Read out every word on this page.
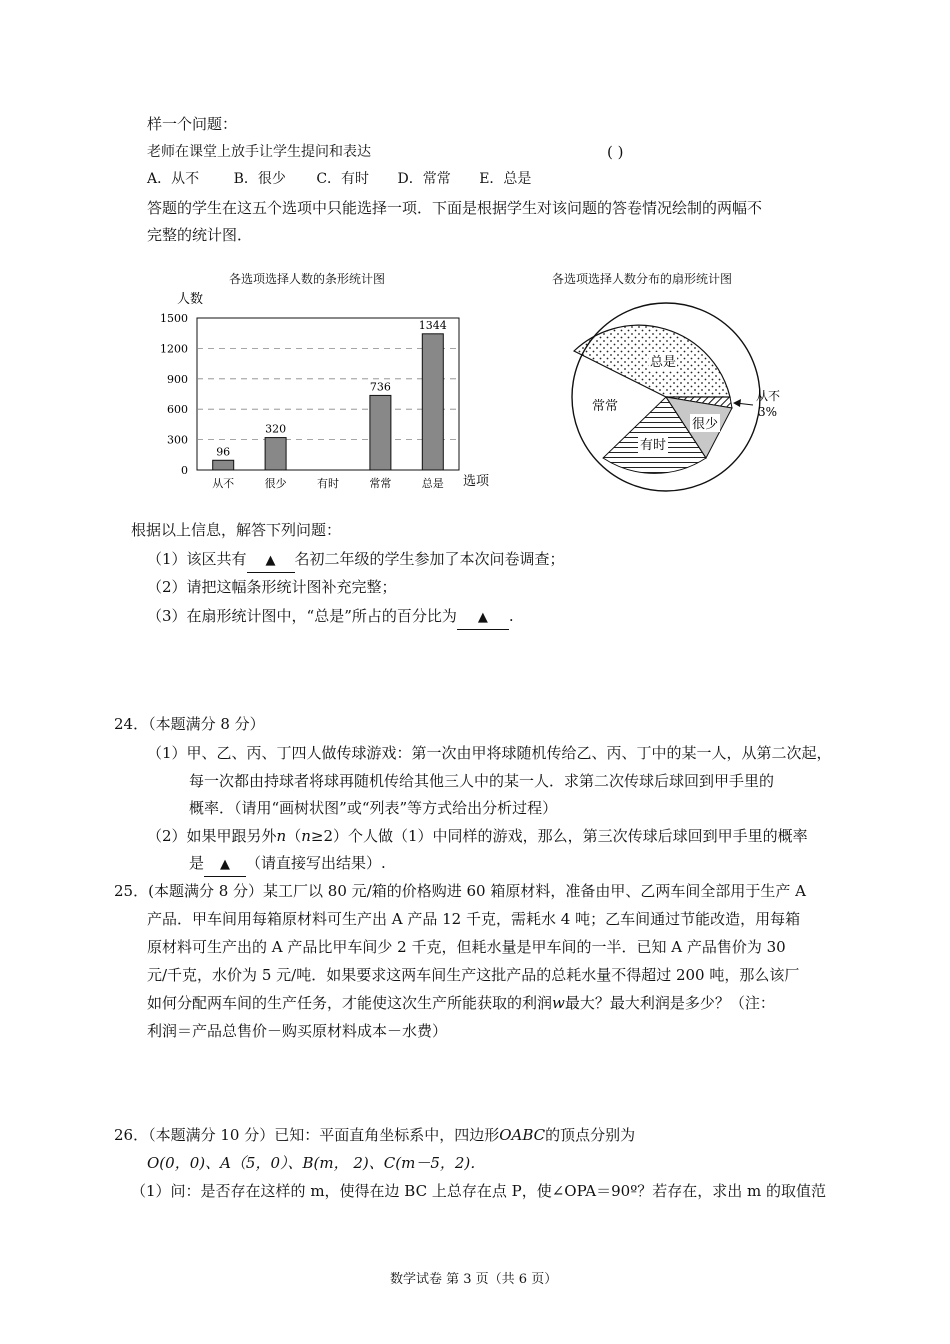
样一个问题：
老师在课堂上放手让学生提问和表达	( )
A．从不 B．很少 C．有时 D．常常 E．总是
答题的学生在这五个选项中只能选择一项．下面是根据学生对该问题的答卷情况绘制的两幅不
完整的统计图．
各选项选择人数的条形统计图
0
300
600
900
1200
1500
人数
选项
从不
96
很少
320
有时	常常
736
总是
1344
各选项选择人数分布的扇形统计图
总是
常常
很少
有时
从不
3%
根据以上信息，解答下列问题：
（1）该区共有 ▲ 名初二年级的学生参加了本次问卷调查；
（2）请把这幅条形统计图补充完整；
（3）在扇形统计图中，“总是”所占的百分比为 ▲ .
24．（本题满分 8 分）
（1）甲、乙、丙、丁四人做传球游戏：第一次由甲将球随机传给乙、丙、丁中的某一人，从第二次起，
每一次都由持球者将球再随机传给其他三人中的某一人．求第二次传球后球回到甲手里的
概率．（请用“画树状图”或“列表”等方式给出分析过程）
（2）如果甲跟另外n（n≥2）个人做（1）中同样的游戏，那么，第三次传球后球回到甲手里的概率
是 ▲ （请直接写出结果）.
25．(本题满分 8 分）某工厂以 80 元/箱的价格购进 60 箱原材料，准备由甲、乙两车间全部用于生产 A
产品．甲车间用每箱原材料可生产出 A 产品 12 千克，需耗水 4 吨；乙车间通过节能改造，用每箱
原材料可生产出的 A 产品比甲车间少 2 千克，但耗水量是甲车间的一半．已知 A 产品售价为 30
元/千克，水价为 5 元/吨．如果要求这两车间生产这批产品的总耗水量不得超过 200 吨，那么该厂
如何分配两车间的生产任务，才能使这次生产所能获取的利润w最大？最大利润是多少？（注：
利润＝产品总售价－购买原材料成本－水费）
26．（本题满分 10 分）已知：平面直角坐标系中，四边形OABC的顶点分别为
O(0，0)、A（5，0）、B(m， 2)、C(m－5，2)．
（1）问：是否存在这样的 m，使得在边 BC 上总存在点 P，使∠OPA＝90º？若存在，求出 m 的取值范
数学试卷 第 3 页（共 6 页）
